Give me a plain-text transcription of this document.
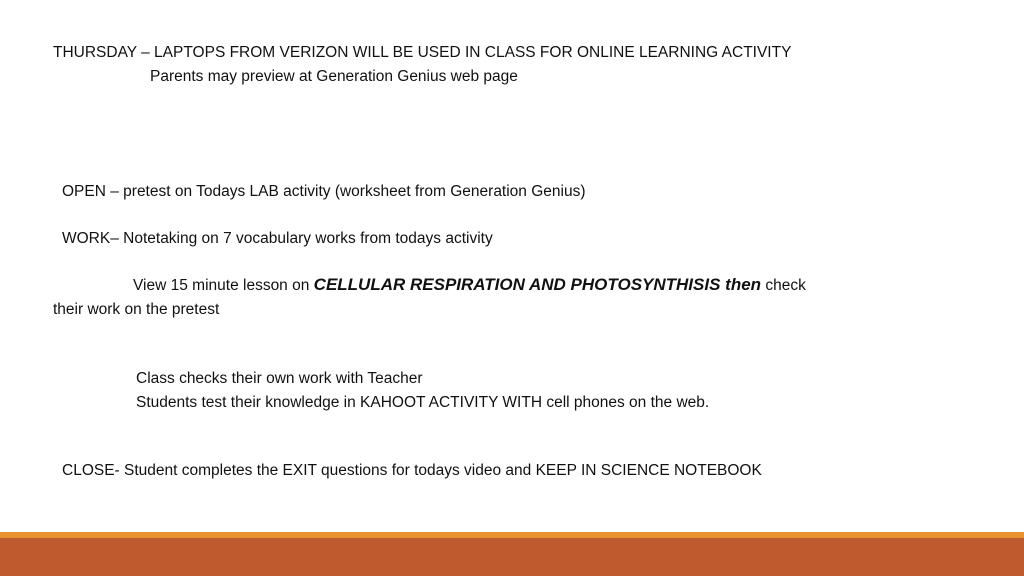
THURSDAY – LAPTOPS FROM VERIZON WILL BE USED IN CLASS FOR ONLINE LEARNING ACTIVITY
Parents may preview at Generation Genius web page
OPEN – pretest on Todays LAB activity (worksheet from Generation Genius)
WORK– Notetaking on 7 vocabulary works from todays activity
View 15 minute lesson on CELLULAR RESPIRATION AND PHOTOSYNTHISIS then check
their work on the pretest
Class checks their own work with Teacher
Students test their knowledge in KAHOOT ACTIVITY WITH cell phones on the web.
CLOSE- Student completes the EXIT questions for todays video and KEEP IN SCIENCE NOTEBOOK
